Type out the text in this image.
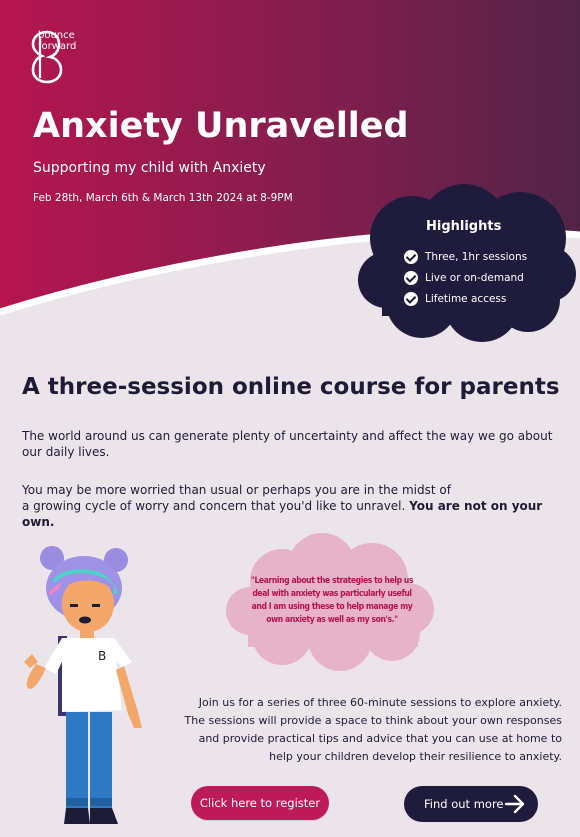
bounce
forward
Anxiety Unravelled
Supporting my child with Anxiety
Feb 28th, March 6th & March 13th 2024 at 8-9PM
Highlights
Three, 1hr sessions
Live or on-demand
Lifetime access
A three-session online course for parents

The world around us can generate plenty of uncertainty and affect the way we go about our daily lives.

You may be more worried than usual or perhaps you are in the midst of
a growing cycle of worry and concern that you'd like to unravel. You are not on your own.

"Learning about the strategies to help us deal with anxiety was particularly useful and I am using these to help manage my own anxiety as well as my son's."
B

Join us for a series of three 60-minute sessions to explore anxiety. The sessions will provide a space to think about your own responses and provide practical tips and advice that you can use at home to help your children develop their resilience to anxiety.

Click here to register	Find out more
